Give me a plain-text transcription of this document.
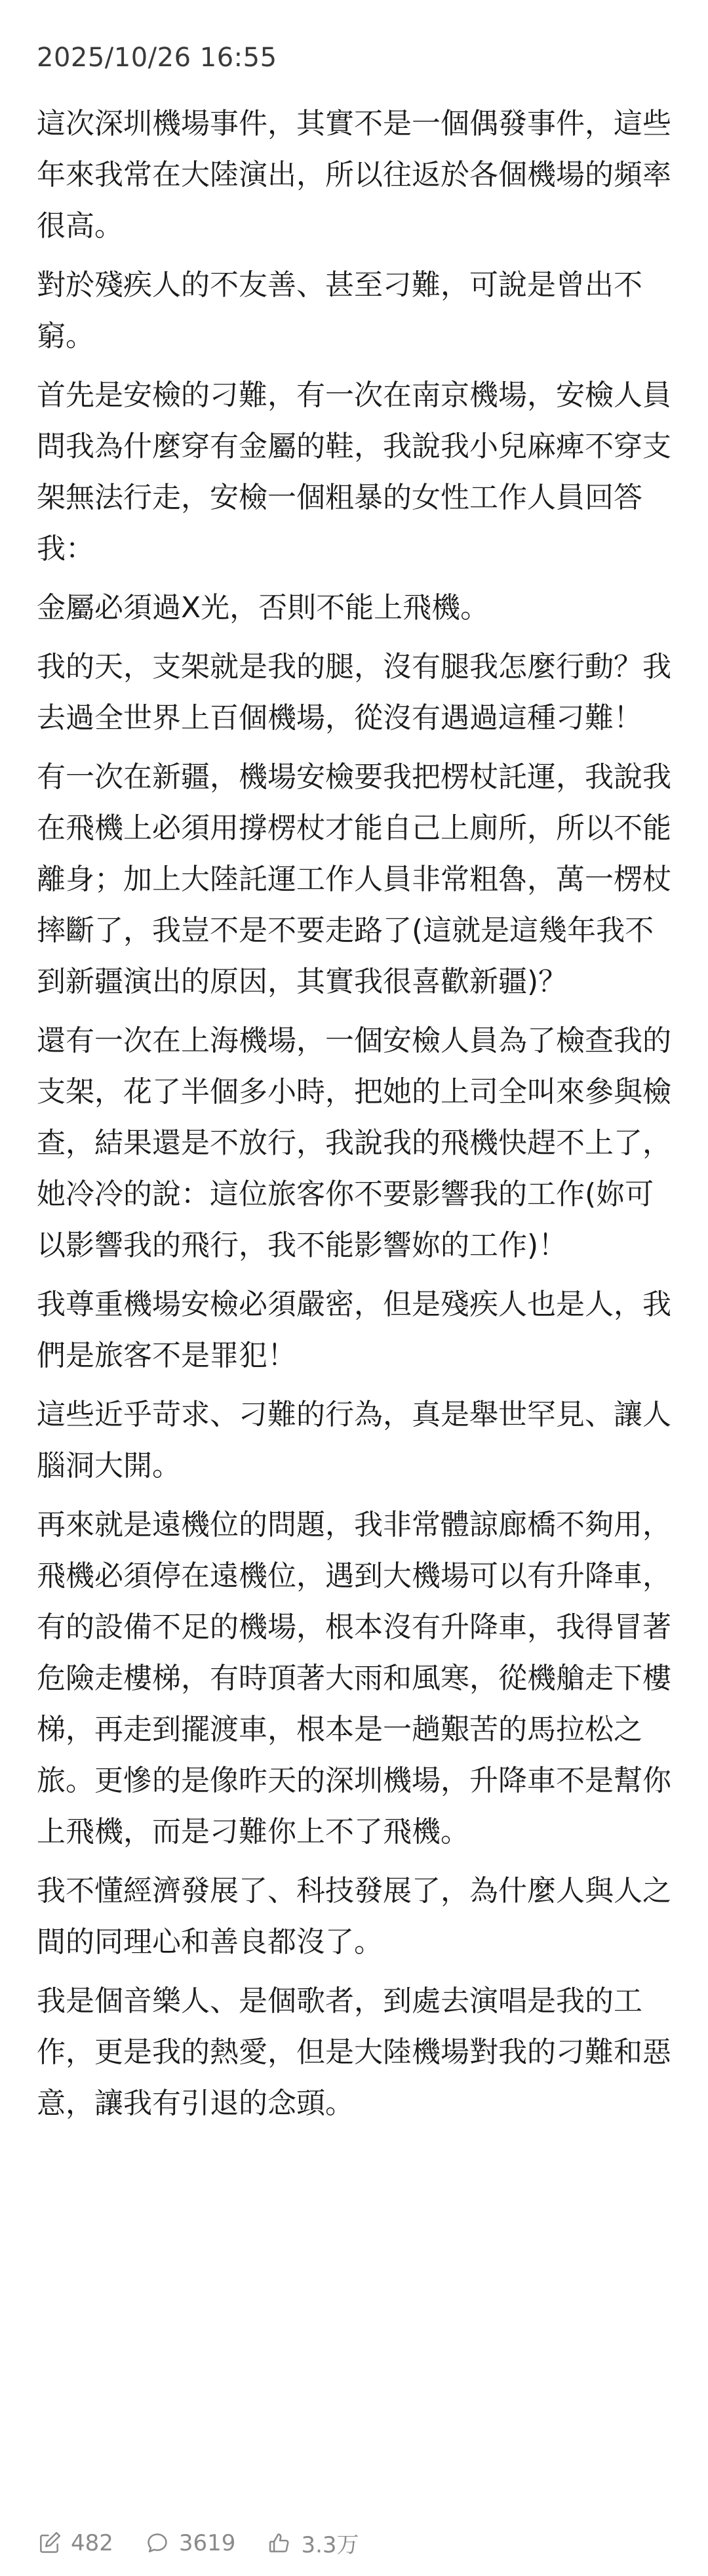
2025/10/26 16:55

這次深圳機場事件，其實不是一個偶發事件，這些年來我常在大陸演出，所以往返於各個機場的頻率很高。

對於殘疾人的不友善、甚至刁難，可說是曾出不窮。

首先是安檢的刁難，有一次在南京機場，安檢人員問我為什麼穿有金屬的鞋，我說我小兒麻痺不穿支架無法行走，安檢一個粗暴的女性工作人員回答我：

金屬必須過X光，否則不能上飛機。

我的天，支架就是我的腿，沒有腿我怎麼行動？我去過全世界上百個機場，從沒有遇過這種刁難！

有一次在新疆，機場安檢要我把楞杖託運，我說我在飛機上必須用撐楞杖才能自己上廁所，所以不能離身；加上大陸託運工作人員非常粗魯，萬一楞杖摔斷了，我豈不是不要走路了(這就是這幾年我不到新疆演出的原因，其實我很喜歡新疆)？

還有一次在上海機場，一個安檢人員為了檢查我的支架，花了半個多小時，把她的上司全叫來參與檢查，結果還是不放行，我說我的飛機快趕不上了，她冷冷的說：這位旅客你不要影響我的工作(妳可以影響我的飛行，我不能影響妳的工作)！

我尊重機場安檢必須嚴密，但是殘疾人也是人，我們是旅客不是罪犯！

這些近乎苛求、刁難的行為，真是舉世罕見、讓人腦洞大開。

再來就是遠機位的問題，我非常體諒廊橋不夠用，飛機必須停在遠機位，遇到大機場可以有升降車，有的設備不足的機場，根本沒有升降車，我得冒著危險走樓梯，有時頂著大雨和風寒，從機艙走下樓梯，再走到擺渡車，根本是一趟艱苦的馬拉松之旅。更慘的是像昨天的深圳機場，升降車不是幫你上飛機，而是刁難你上不了飛機。

我不懂經濟發展了、科技發展了，為什麼人與人之間的同理心和善良都沒了。

我是個音樂人、是個歌者，到處去演唱是我的工作，更是我的熱愛，但是大陸機場對我的刁難和惡意，讓我有引退的念頭。

482	3619	3.3万
